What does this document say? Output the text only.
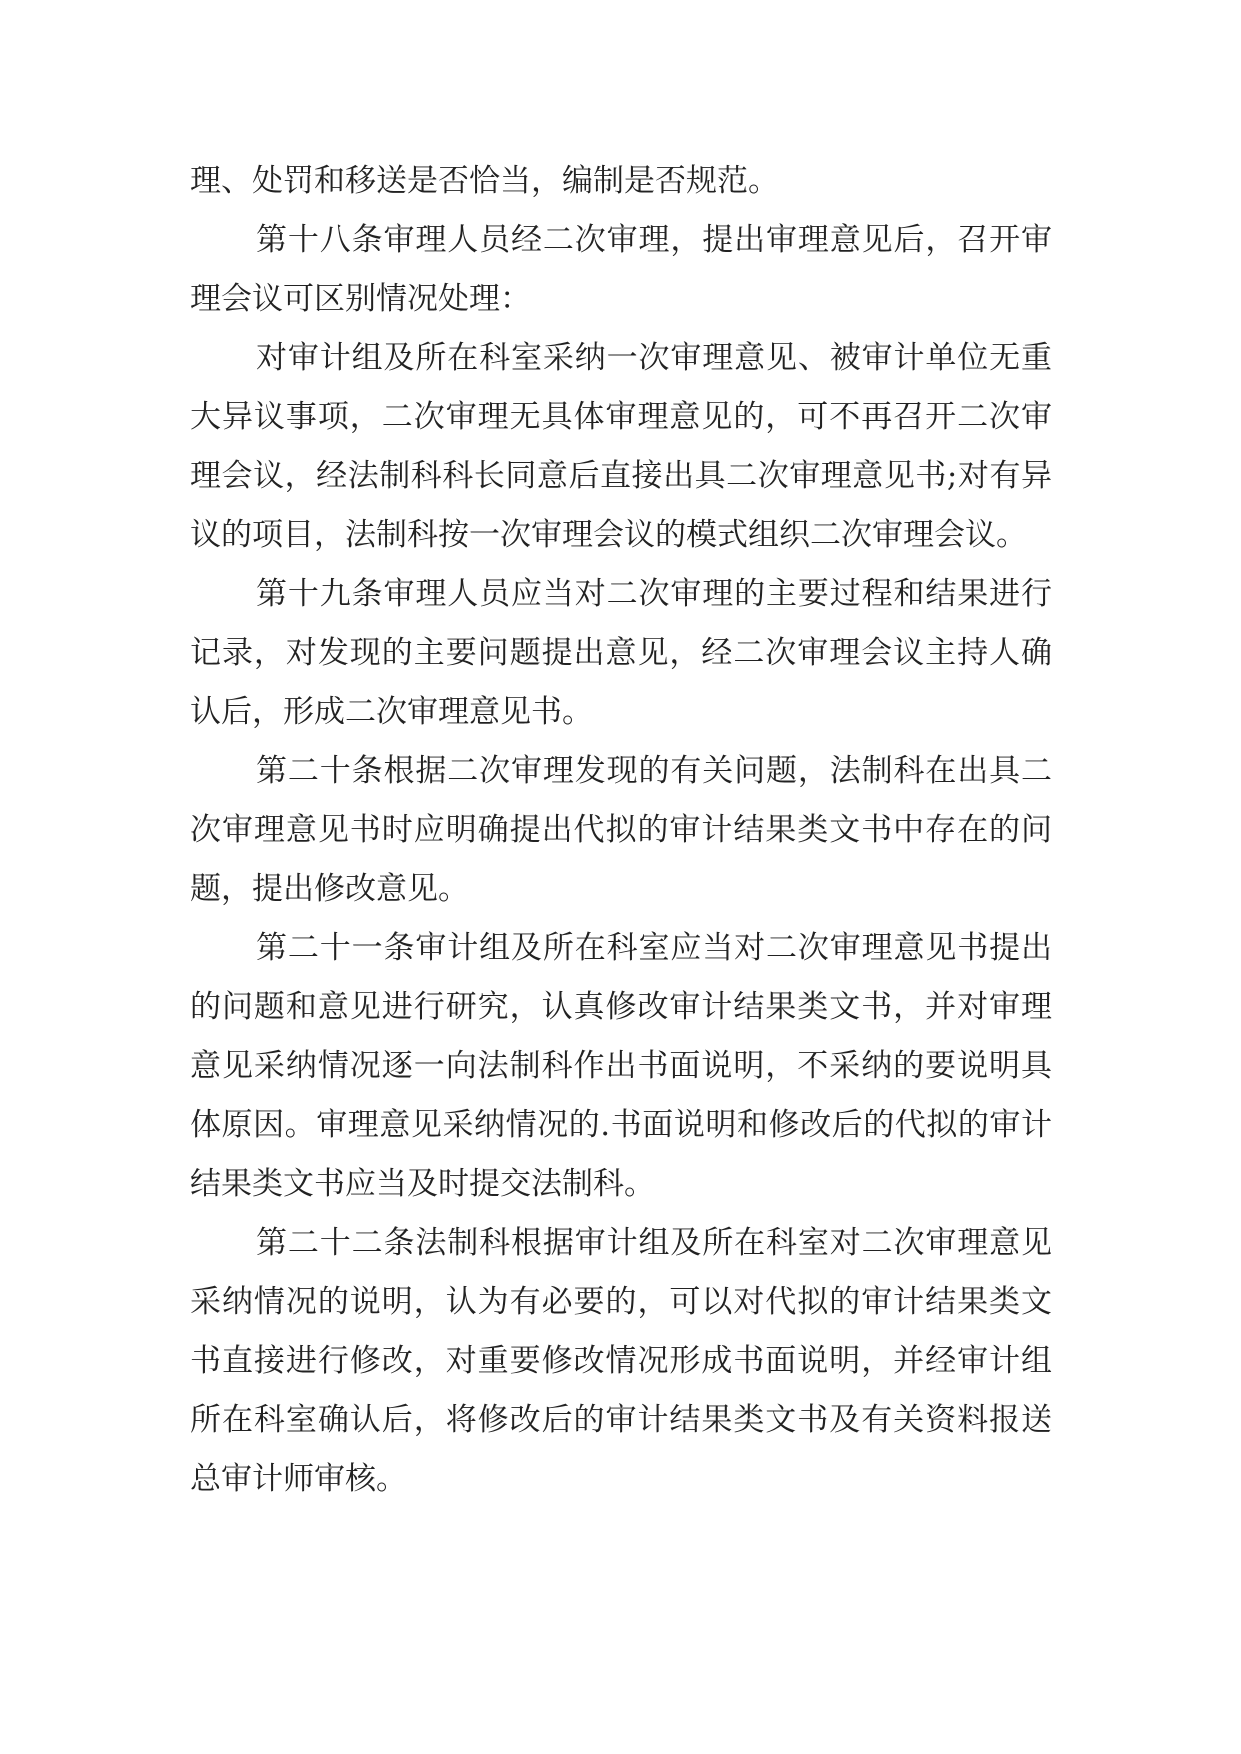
理、处罚和移送是否恰当，编制是否规范。

第十八条审理人员经二次审理，提出审理意见后，召开审理会议可区别情况处理：

对审计组及所在科室采纳一次审理意见、被审计单位无重大异议事项，二次审理无具体审理意见的，可不再召开二次审理会议，经法制科科长同意后直接出具二次审理意见书;对有异议的项目，法制科按一次审理会议的模式组织二次审理会议。

第十九条审理人员应当对二次审理的主要过程和结果进行记录，对发现的主要问题提出意见，经二次审理会议主持人确认后，形成二次审理意见书。

第二十条根据二次审理发现的有关问题，法制科在出具二次审理意见书时应明确提出代拟的审计结果类文书中存在的问题，提出修改意见。

第二十一条审计组及所在科室应当对二次审理意见书提出的问题和意见进行研究，认真修改审计结果类文书，并对审理意见采纳情况逐一向法制科作出书面说明，不采纳的要说明具体原因。审理意见采纳情况的.书面说明和修改后的代拟的审计结果类文书应当及时提交法制科。

第二十二条法制科根据审计组及所在科室对二次审理意见采纳情况的说明，认为有必要的，可以对代拟的审计结果类文书直接进行修改，对重要修改情况形成书面说明，并经审计组所在科室确认后，将修改后的审计结果类文书及有关资料报送总审计师审核。
